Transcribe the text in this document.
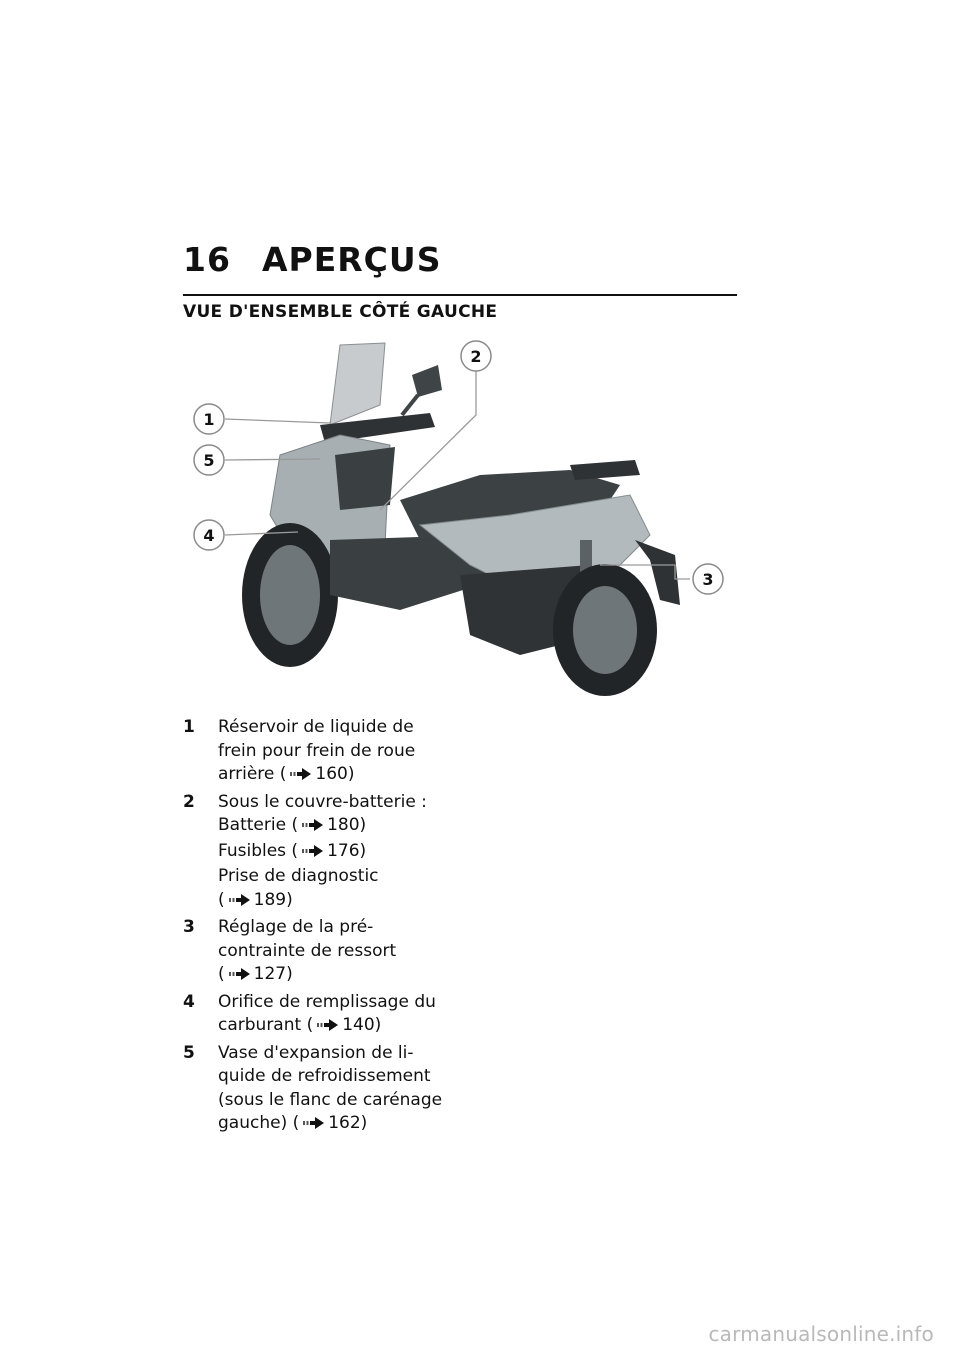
16 APERÇUS
VUE D'ENSEMBLE CÔTÉ GAUCHE
1
5
4
2
3
1	Réservoir de liquide de
frein pour frein de roue
arrière ( 160)
2	Sous le couvre-batterie :
Batterie ( 180)
Fusibles ( 176)
Prise de diagnostic
( 189)
3	Réglage de la pré-
contrainte de ressort
( 127)
4	Orifice de remplissage du
carburant ( 140)
5	Vase d'expansion de li-
quide de refroidissement
(sous le flanc de carénage
gauche) ( 162)
carmanualsonline.info
